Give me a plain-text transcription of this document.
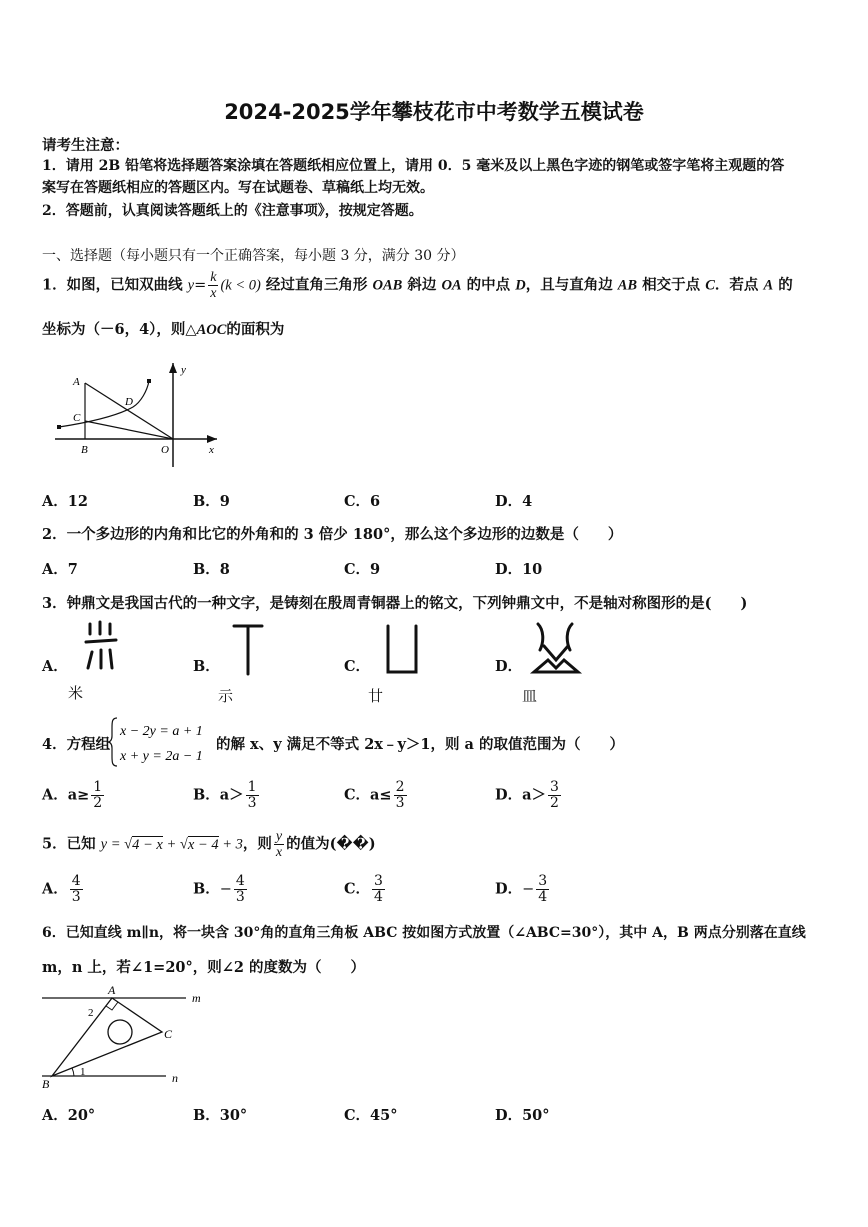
2024-2025学年攀枝花市中考数学五模试卷
请考生注意：
1．请用 2B 铅笔将选择题答案涂填在答题纸相应位置上，请用 0．5 毫米及以上黑色字迹的钢笔或签字笔将主观题的答
案写在答题纸相应的答题区内。写在试题卷、草稿纸上均无效。
2．答题前，认真阅读答题纸上的《注意事项》，按规定答题。
一、选择题（每小题只有一个正确答案，每小题 3 分，满分 30 分）
1．如图，已知双曲线 $y= \frac{k}{x} (k < 0)$ 经过直角三角形 OAB 斜边 OA 的中点 D，且与直角边 AB 相交于点 C．若点 A 的
坐标为（－6，4），则△AOC的面积为
A
C
D
B	O	x
y
A．12	B．9	C．6	D．4
2．一个多边形的内角和比它的外角和的 3 倍少 180°，那么这个多边形的边数是（　　）
A．7	B．8	C．9	D．10
3．钟鼎文是我国古代的一种文字，是铸刻在殷周青铜器上的铭文，下列钟鼎文中，不是轴对称图形的是(　　)
A．
米
B．
示
C．
廿
D．
皿
4．方程组
x − 2y = a + 1
x + y = 2a − 1
的解 x、y 满足不等式 2x﹣y＞1，则 a 的取值范围为（　　）
A．$a\ge \frac{1}{2}$	B．$a> \frac{1}{3}$	C．$a\le \frac{2}{3}$	D．$a> \frac{3}{2}$
5．已知 y = √4 − x + √x − 4 + 3，则 $\frac{y}{x}$ 的值为(��)
A． $\frac{4}{3}$	B．− $\frac{4}{3}$	C． $\frac{3}{4}$	D．− $\frac{3}{4}$
6．已知直线 m∥n，将一块含 30°角的直角三角板 ABC 按如图方式放置（∠ABC=30°），其中 A，B 两点分别落在直线
m，n 上，若∠1=20°，则∠2 的度数为（　　）
A
C
B
m
n
1
2
A．20°	B．30°	C．45°	D．50°
